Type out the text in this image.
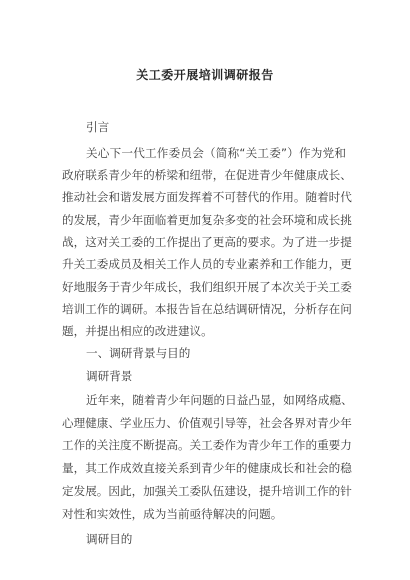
关工委开展培训调研报告

引言

关心下一代工作委员会（简称“关工委”）作为党和

政府联系青少年的桥梁和纽带，在促进青少年健康成长、

推动社会和谐发展方面发挥着不可替代的作用。随着时代

的发展，青少年面临着更加复杂多变的社会环境和成长挑

战，这对关工委的工作提出了更高的要求。为了进一步提

升关工委成员及相关工作人员的专业素养和工作能力，更

好地服务于青少年成长，我们组织开展了本次关于关工委

培训工作的调研。本报告旨在总结调研情况，分析存在问

题，并提出相应的改进建议。

一、调研背景与目的

调研背景

近年来，随着青少年问题的日益凸显，如网络成瘾、

心理健康、学业压力、价值观引导等，社会各界对青少年

工作的关注度不断提高。关工委作为青少年工作的重要力

量，其工作成效直接关系到青少年的健康成长和社会的稳

定发展。因此，加强关工委队伍建设，提升培训工作的针

对性和实效性，成为当前亟待解决的问题。

调研目的
